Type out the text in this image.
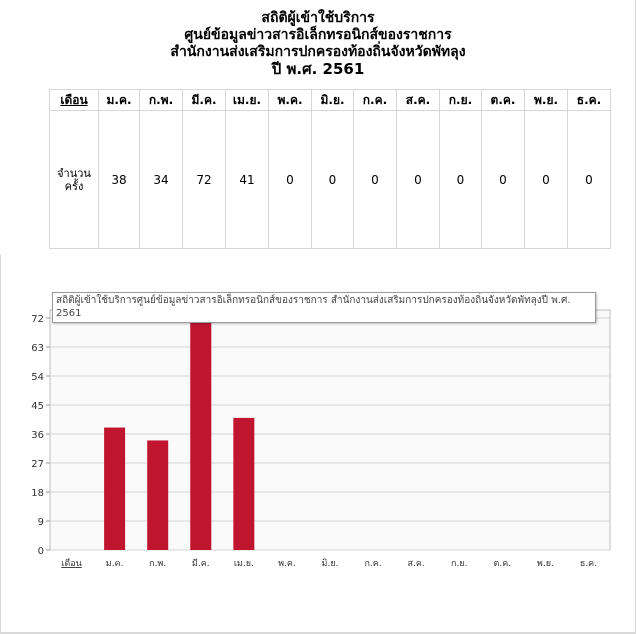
สถิติผู้เข้าใช้บริการ
ศูนย์ข้อมูลข่าวสารอิเล็กทรอนิกส์ของราชการ
สำนักงานส่งเสริมการปกครองท้องถิ่นจังหวัดพัทลุง
ปี พ.ศ. 2561
เดือน	ม.ค.	ก.พ.	มี.ค.	เม.ย.	พ.ค.	มิ.ย.	ก.ค.	ส.ค.	ก.ย.	ต.ค.	พ.ย.	ธ.ค.
จำนวนครั้ง	38	34	72	41	0	0	0	0	0	0	0	0
0
9
18
27
36
45
54
63
72
เดือน	ม.ค.	ก.พ.	มี.ค.	เม.ย.	พ.ค.	มิ.ย.	ก.ค.	ส.ค.	ก.ย.	ต.ค.	พ.ย.	ธ.ค.
สถิติผู้เข้าใช้บริการศูนย์ข้อมูลข่าวสารอิเล็กทรอนิกส์ของราชการ สำนักงานส่งเสริมการปกครองท้องถิ่นจังหวัดพัทลุงปี พ.ศ. 2561
